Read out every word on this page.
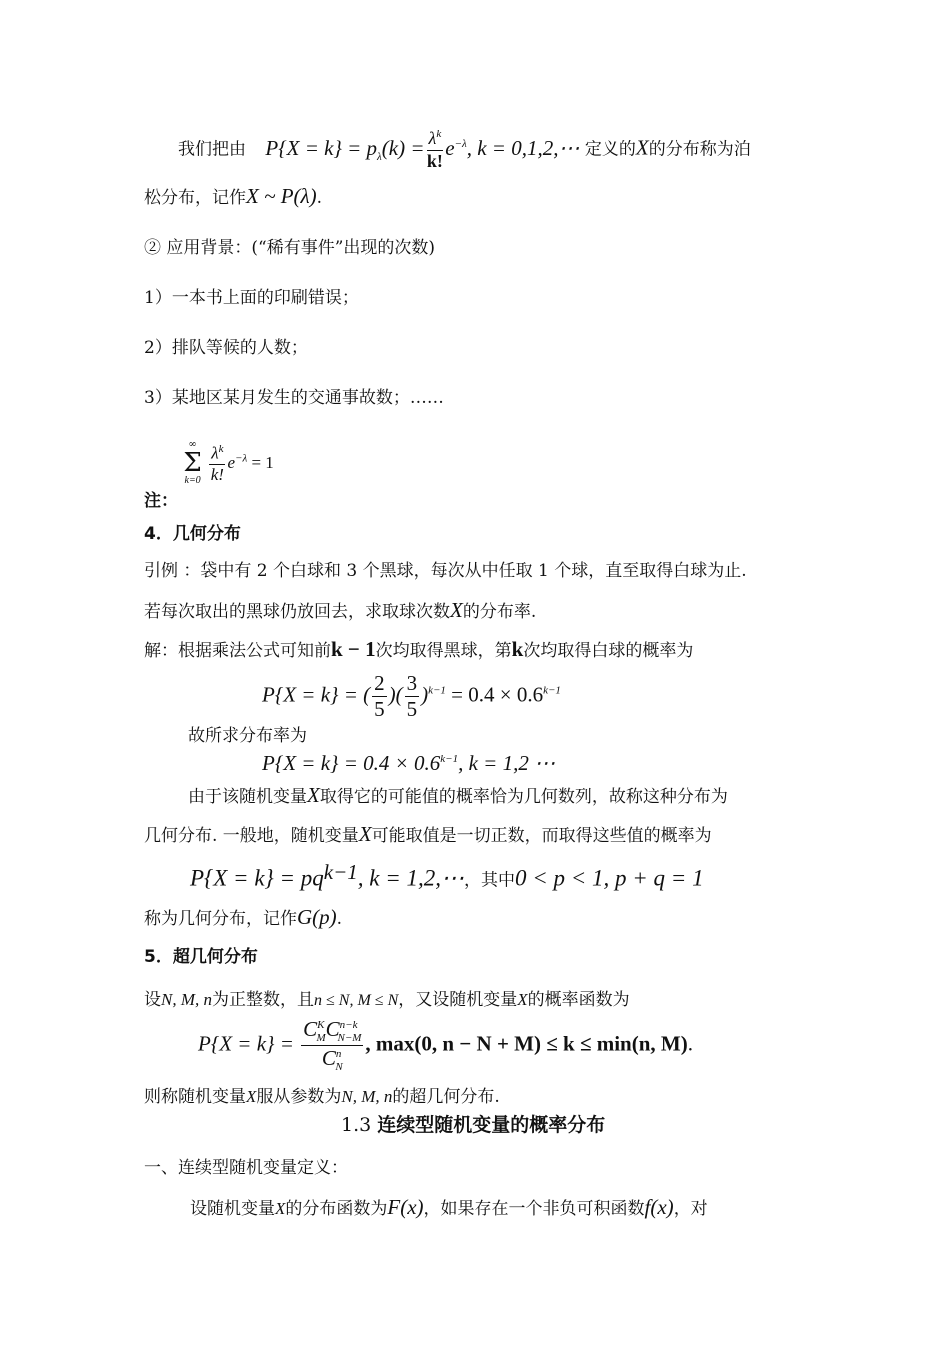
我们把由 $P\{X = k\} = p_\lambda(k) = \frac{\lambda^k}{k!} e^{-\lambda}$, k = 0,1,2,⋯ 定义的X的分布称为泊
松分布，记作X ~ P(λ).
② 应用背景：(“稀有事件”出现的次数)
1）一本书上面的印刷错误；
2）排队等候的人数；
3）某地区某月发生的交通事故数；……
注：
∞
Σ
k=0
$\frac{\lambda^k}{k!} e^{-\lambda} = 1$
4．几何分布
引例 ：袋中有 2 个白球和 3 个黑球，每次从中任取 1 个球，直至取得白球为止.
若每次取出的黑球仍放回去，求取球次数X的分布率.
解：根据乘法公式可知前k − 1次均取得黑球，第k次均取得白球的概率为
P{X = k} = ( $\frac{2}{5}$ )( $\frac{3}{5} )^{k-1} = 0.4 \times 0.6^{k-1}$
故所求分布率为
$P\{X = k\} = 0.4 \times 0.6^{k-1}$, k = 1,2 ⋯
由于该随机变量X取得它的可能值的概率恰为几何数列，故称这种分布为
几何分布. 一般地，随机变量X可能取值是一切正数，而取得这些值的概率为
$P\{X = k\} = pq^{k-1}$, k = 1,2,⋯，其中0 < p < 1, p + q = 1
称为几何分布，记作G(p).
5．超几何分布
设N, M, n为正整数，且n ≤ N, M ≤ N，又设随机变量X的概率函数为
$P\{X = k\} = \frac{C^K_MC^{n-k}_{N-M}}{C^n_N}$ , max(0, n − N + M) ≤ k ≤ min(n, M).
则称随机变量X服从参数为N, M, n的超几何分布.
1.3 连续型随机变量的概率分布
一、连续型随机变量定义：
设随机变量X的分布函数为F(x)，如果存在一个非负可积函数f(x)，对
